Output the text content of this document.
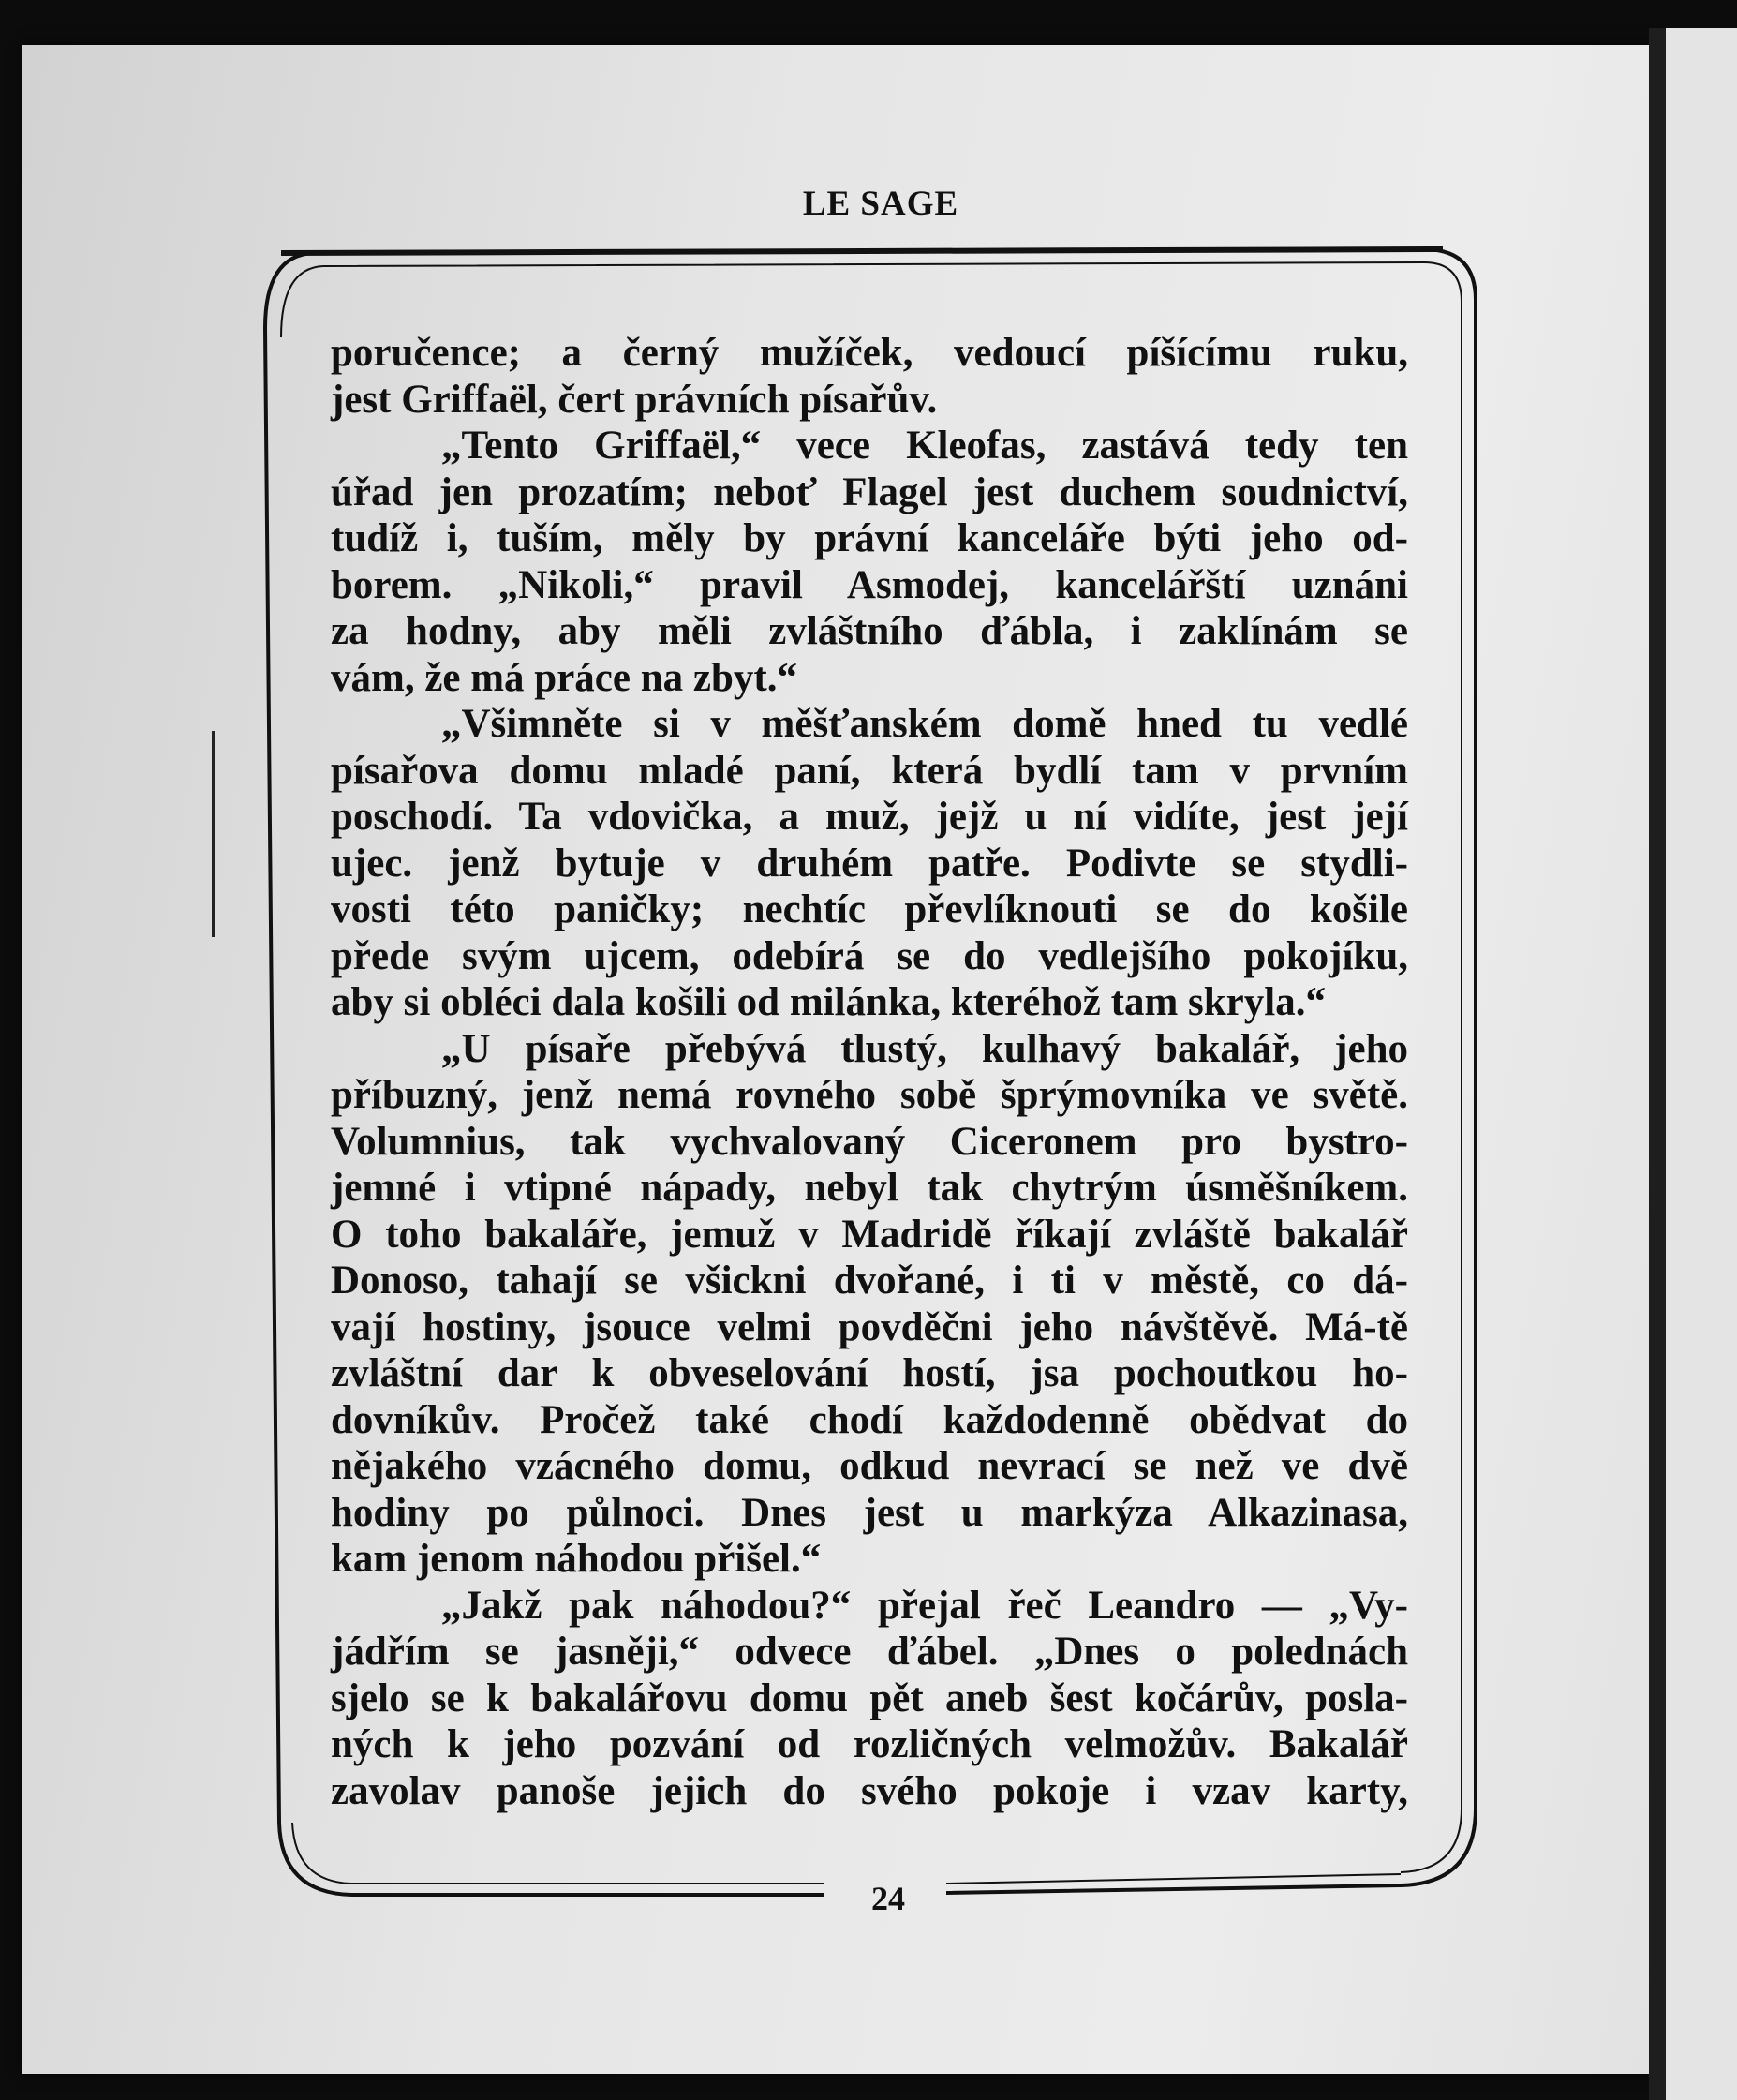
LE SAGE
poručence; a černý mužíček, vedoucí píšícímu ruku,
jest Griffaël, čert právních písařův.
„Tento Griffaël,“ vece Kleofas, zastává tedy ten
úřad jen prozatím; neboť Flagel jest duchem soudnictví,
tudíž i, tuším, měly by právní kanceláře býti jeho od-
borem. „Nikoli,“ pravil Asmodej, kancelářští uznáni
za hodny, aby měli zvláštního ďábla, i zaklínám se
vám, že má práce na zbyt.“
„Všimněte si v měšťanském domě hned tu vedlé
písařova domu mladé paní, která bydlí tam v prvním
poschodí. Ta vdovička, a muž, jejž u ní vidíte, jest její
ujec. jenž bytuje v druhém patře. Podivte se stydli-
vosti této paničky; nechtíc převlíknouti se do košile
přede svým ujcem, odebírá se do vedlejšího pokojíku,
aby si obléci dala košili od milánka, kteréhož tam skryla.“
„U písaře přebývá tlustý, kulhavý bakalář, jeho
příbuzný, jenž nemá rovného sobě šprýmovníka ve světě.
Volumnius, tak vychvalovaný Ciceronem pro bystro-
jemné i vtipné nápady, nebyl tak chytrým úsměšníkem.
O toho bakaláře, jemuž v Madridě říkají zvláště bakalář
Donoso, tahají se všickni dvořané, i ti v městě, co dá-
vají hostiny, jsouce velmi povděčni jeho návštěvě. Má-tě
zvláštní dar k obveselování hostí, jsa pochoutkou ho-
dovníkův. Pročež také chodí každodenně obědvat do
nějakého vzácného domu, odkud nevrací se než ve dvě
hodiny po půlnoci. Dnes jest u markýza Alkazinasa,
kam jenom náhodou přišel.“
„Jakž pak náhodou?“ přejal řeč Leandro — „Vy-
jádřím se jasněji,“ odvece ďábel. „Dnes o polednách
sjelo se k bakalářovu domu pět aneb šest kočárův, posla-
ných k jeho pozvání od rozličných velmožův. Bakalář
zavolav panoše jejich do svého pokoje i vzav karty,
24
